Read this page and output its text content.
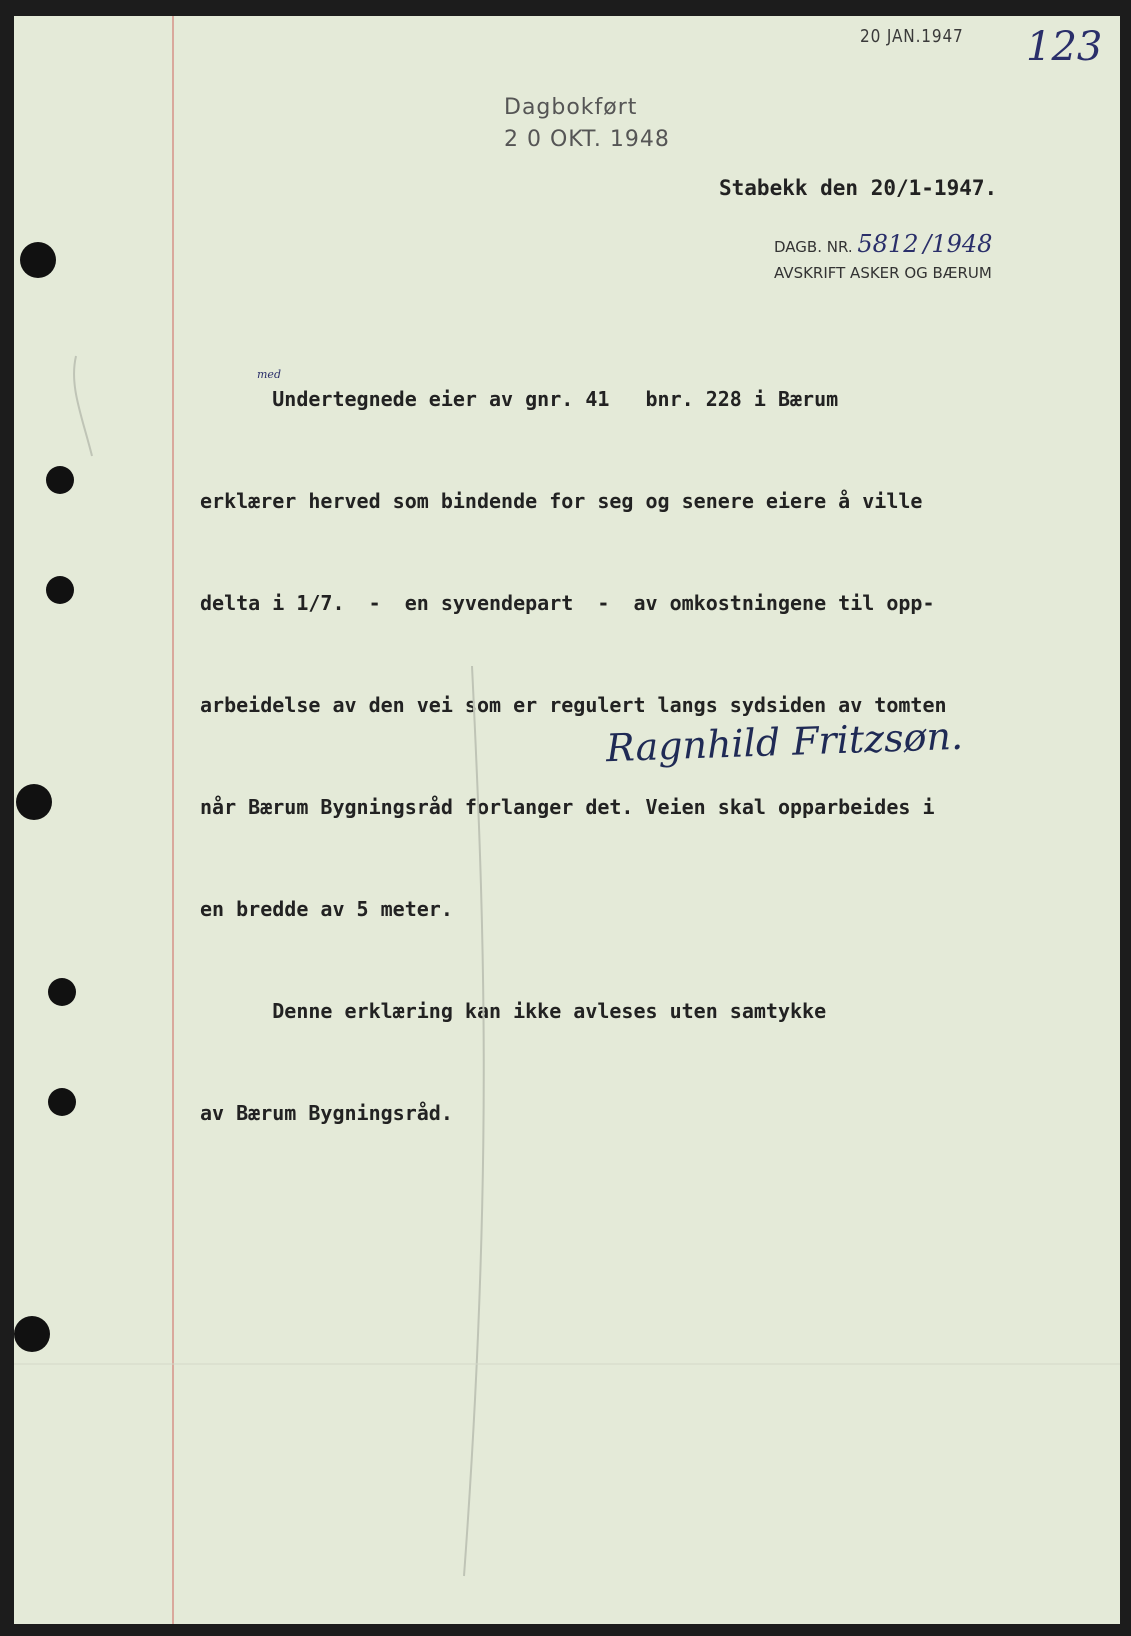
20 JAN.1947 123
Dagbokført
2 0 OKT. 1948
Stabekk den 20/1-1947.
DAGB. NR. 5812 /1948
AVSKRIFT ASKER OG BÆRUM
med

Undertegnede eier av gnr. 41   bnr. 228 i Bærum

erklærer herved som bindende for seg og senere eiere å ville

delta i 1/7.  -  en syvendepart  -  av omkostningene til opp-

arbeidelse av den vei som er regulert langs sydsiden av tomten

når Bærum Bygningsråd forlanger det. Veien skal opparbeides i

en bredde av 5 meter.

Denne erklæring kan ikke avleses uten samtykke

av Bærum Bygningsråd.

Ragnhild Fritzsøn.
